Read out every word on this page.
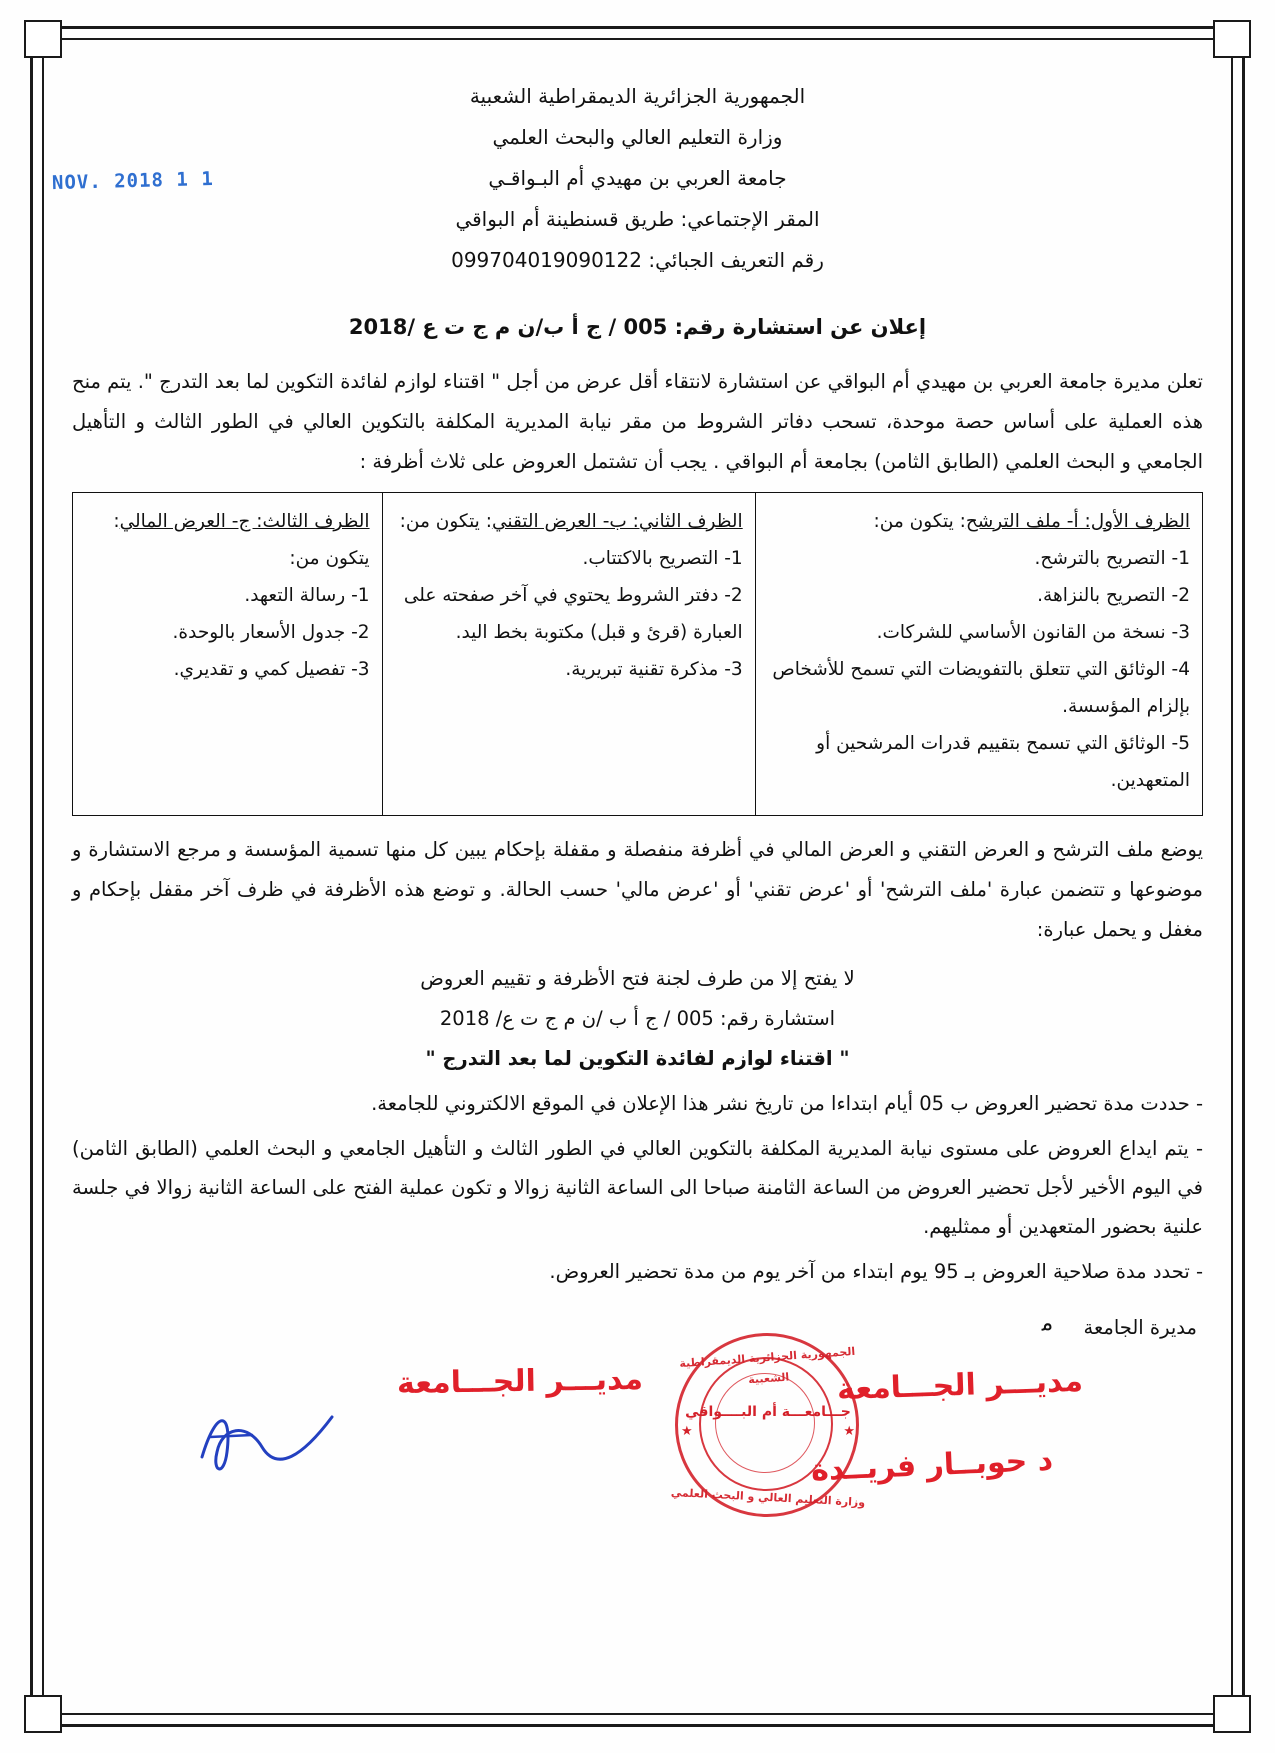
1 1 NOV. 2018
الجمهورية الجزائرية الديمقراطية الشعبية
وزارة التعليم العالي والبحث العلمي
جامعة العربي بن مهيدي أم البـواقـي
المقر الإجتماعي: طريق قسنطينة أم البواقي
رقم التعريف الجبائي: 099704019090122
إعلان عن استشارة رقم: 005 / ج أ ب/ن م ج ت ع /2018
تعلن مديرة جامعة العربي بن مهيدي أم البواقي عن استشارة لانتقاء أقل عرض من أجل " اقتناء لوازم لفائدة التكوين لما بعد التدرج ". يتم منح هذه العملية على أساس حصة موحدة، تسحب دفاتر الشروط من مقر نيابة المديرية المكلفة بالتكوين العالي في الطور الثالث و التأهيل الجامعي و البحث العلمي (الطابق الثامن) بجامعة أم البواقي . يجب أن تشتمل العروض على ثلاث أظرفة :
الظرف الأول: أ- ملف الترشح: يتكون من:
1- التصريح بالترشح.
2- التصريح بالنزاهة.
3- نسخة من القانون الأساسي للشركات.
4- الوثائق التي تتعلق بالتفويضات التي تسمح للأشخاص بإلزام المؤسسة.
5- الوثائق التي تسمح بتقييم قدرات المرشحين أو المتعهدين.
	الظرف الثاني: ب- العرض التقني: يتكون من:
1- التصريح بالاكتتاب.
2- دفتر الشروط يحتوي في آخر صفحته على العبارة (قرئ و قبل) مكتوبة بخط اليد.
3- مذكرة تقنية تبريرية.
	الظرف الثالث: ج- العرض المالي: يتكون من:
1- رسالة التعهد.
2- جدول الأسعار بالوحدة.
3- تفصيل كمي و تقديري.
يوضع ملف الترشح و العرض التقني و العرض المالي في أظرفة منفصلة و مقفلة بإحكام يبين كل منها تسمية المؤسسة و مرجع الاستشارة و موضوعها و تتضمن عبارة 'ملف الترشح' أو 'عرض تقني' أو 'عرض مالي' حسب الحالة. و توضع هذه الأظرفة في ظرف آخر مقفل بإحكام و مغفل و يحمل عبارة:
لا يفتح إلا من طرف لجنة فتح الأظرفة و تقييم العروض
استشارة رقم: 005 / ج أ ب /ن م ج ت ع/ 2018
" اقتناء لوازم لفائدة التكوين لما بعد التدرج "
- حددت مدة تحضير العروض ب 05 أيام ابتداءا من تاريخ نشر هذا الإعلان في الموقع الالكتروني للجامعة.
- يتم ايداع العروض على مستوى نيابة المديرية المكلفة بالتكوين العالي في الطور الثالث و التأهيل الجامعي و البحث العلمي (الطابق الثامن) في اليوم الأخير لأجل تحضير العروض من الساعة الثامنة صباحا الى الساعة الثانية زوالا و تكون عملية الفتح على الساعة الثانية زوالا في جلسة علنية بحضور المتعهدين أو ممثليهم.
- تحدد مدة صلاحية العروض بـ 95 يوم ابتداء من آخر يوم من مدة تحضير العروض.
مديرة الجامعة
ﻣ
الجمهورية الجزائرية الديمقراطية الشعبية
جـــامعـــة أم البــــواقي
وزارة التعليم العالي و البحث العلمي
★	★
مديـــر الجـــامعة	مديـــر الجـــامعة
د حوبــار فريــدة
